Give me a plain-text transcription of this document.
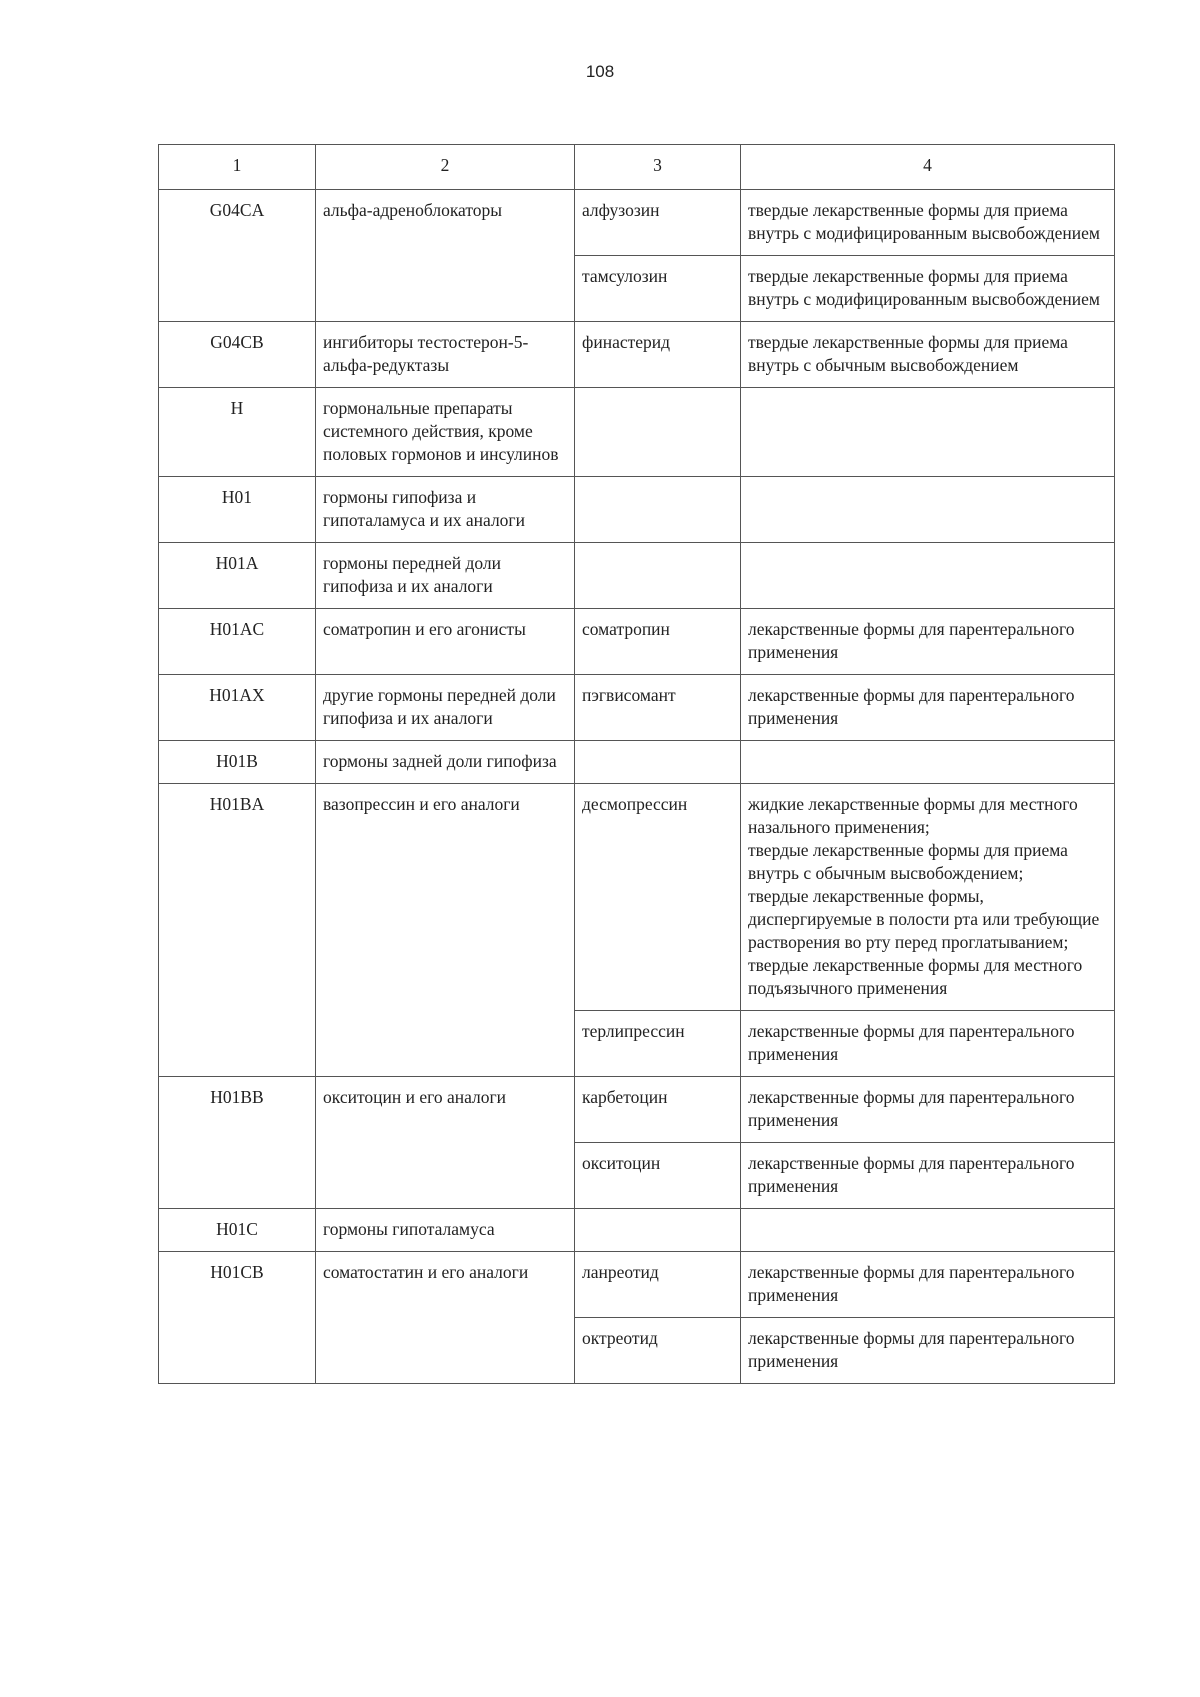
108
1	2	3	4
G04CA	альфа-адреноблокаторы	алфузозин	твердые лекарственные формы для приема внутрь с модифицированным высвобождением

		тамсулозин	твердые лекарственные формы для приема внутрь с модифицированным высвобождением

G04CB	ингибиторы тестостерон-5-альфа-редуктазы	финастерид	твердые лекарственные формы для приема внутрь с обычным высвобождением

H	гормональные препараты системного действия, кроме половых гормонов и инсулинов		
H01	гормоны гипофиза и гипоталамуса и их аналоги		
H01A	гормоны передней доли гипофиза и их аналоги		
H01AC	соматропин и его агонисты	соматропин	лекарственные формы для парентерального применения

H01AX	другие гормоны передней доли гипофиза и их аналоги	пэгвисомант	лекарственные формы для парентерального применения

H01B	гормоны задней доли гипофиза		
H01BA	вазопрессин и его аналоги	десмопрессин	жидкие лекарственные формы для местного назального применения;
твердые лекарственные формы для приема внутрь с обычным высвобождением;
твердые лекарственные формы, диспергируемые в полости рта или требующие растворения во рту перед проглатыванием;
твердые лекарственные формы для местного подъязычного применения

		терлипрессин	лекарственные формы для парентерального применения

H01BB	окситоцин и его аналоги	карбетоцин	лекарственные формы для парентерального применения

		окситоцин	лекарственные формы для парентерального применения

H01C	гормоны гипоталамуса		
H01CB	соматостатин и его аналоги	ланреотид	лекарственные формы для парентерального применения

		октреотид	лекарственные формы для парентерального применения
